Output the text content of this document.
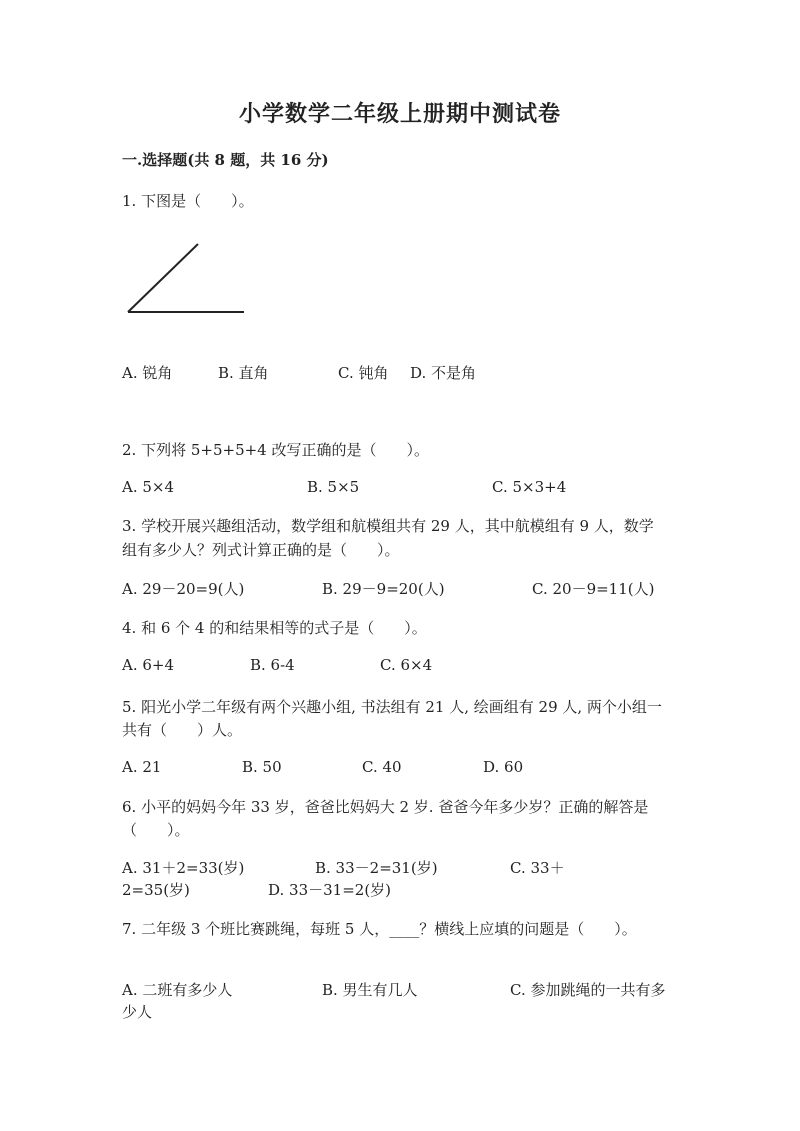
小学数学二年级上册期中测试卷
一.选择题(共 8 题，共 16 分)
1. 下图是（　　）。
A. 锐角	B. 直角	C. 钝角 D. 不是角
2. 下列将 5+5+5+4 改写正确的是（　　）。
A. 5×4	B. 5×5	C. 5×3+4
3. 学校开展兴趣组活动，数学组和航模组共有 29 人，其中航模组有 9 人，数学
组有多少人？列式计算正确的是（　　）。
A. 29－20=9(人)	B. 29－9=20(人)	C. 20－9=11(人)
4. 和 6 个 4 的和结果相等的式子是（　　）。
A. 6+4	B. 6-4	C. 6×4
5. 阳光小学二年级有两个兴趣小组, 书法组有 21 人, 绘画组有 29 人, 两个小组一
共有（　　）人。
A. 21	B. 50	C. 40	D. 60
6. 小平的妈妈今年 33 岁，爸爸比妈妈大 2 岁. 爸爸今年多少岁？正确的解答是
（　　）。
A. 31＋2=33(岁)	B. 33－2=31(岁)	C. 33＋
2=35(岁)	D. 33－31=2(岁)
7. 二年级 3 个班比赛跳绳，每班 5 人，____？横线上应填的问题是（　　）。
A. 二班有多少人	B. 男生有几人	C. 参加跳绳的一共有多
少人
